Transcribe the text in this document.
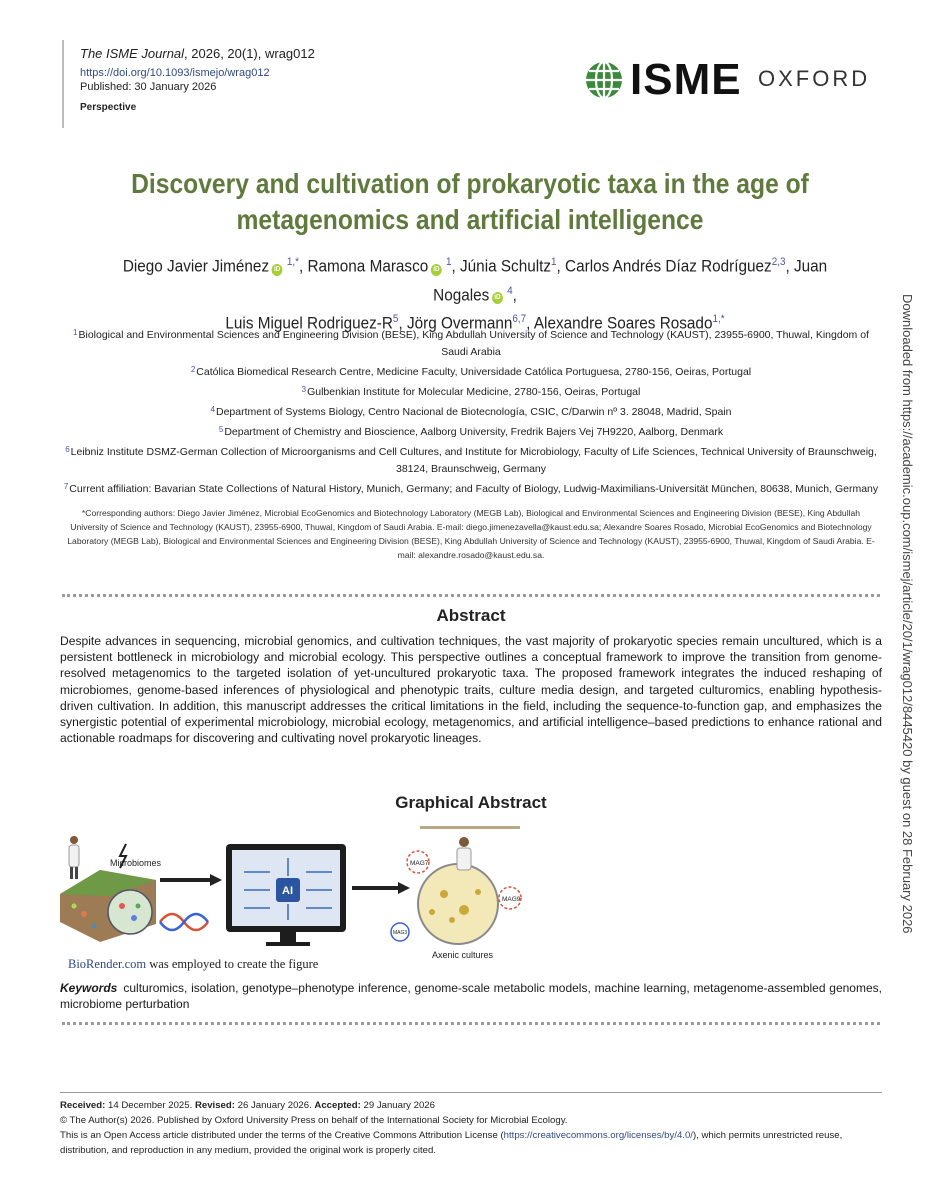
The ISME Journal, 2026, 20(1), wrag012
https://doi.org/10.1093/ismejo/wrag012
Published: 30 January 2026
Perspective
ISME OXFORD
Discovery and cultivation of prokaryotic taxa in the age of metagenomics and artificial intelligence
Diego Javier Jiménez iD $^{1,*}$, Ramona Marasco iD $^1$, Júnia Schultz$^1$, Carlos Andrés Díaz Rodríguez$^{2,3}$, Juan Nogales iD $^4$,
Luis Miguel Rodriguez-$R^5$, Jörg Overmann$^{6,7}$, Alexandre Soares Rosado$^{1,*}$
$^1$Biological and Environmental Sciences and Engineering Division (BESE), King Abdullah University of Science and Technology (KAUST), 23955-6900, Thuwal, Kingdom of Saudi Arabia
$^2$Católica Biomedical Research Centre, Medicine Faculty, Universidade Católica Portuguesa, 2780-156, Oeiras, Portugal
$^3$Gulbenkian Institute for Molecular Medicine, 2780-156, Oeiras, Portugal
$^4$Department of Systems Biology, Centro Nacional de Biotecnología, CSIC, C/Darwin nº 3. 28048, Madrid, Spain
$^5$Department of Chemistry and Bioscience, Aalborg University, Fredrik Bajers Vej 7H9220, Aalborg, Denmark
$^6$Leibniz Institute DSMZ-German Collection of Microorganisms and Cell Cultures, and Institute for Microbiology, Faculty of Life Sciences, Technical University of Braunschweig, 38124, Braunschweig, Germany
$^7$Current affiliation: Bavarian State Collections of Natural History, Munich, Germany; and Faculty of Biology, Ludwig-Maximilians-Universität München, 80638, Munich, Germany
*Corresponding authors: Diego Javier Jiménez, Microbial EcoGenomics and Biotechnology Laboratory (MEGB Lab), Biological and Environmental Sciences and Engineering Division (BESE), King Abdullah University of Science and Technology (KAUST), 23955-6900, Thuwal, Kingdom of Saudi Arabia. E-mail: diego.jimenezavella@kaust.edu.sa; Alexandre Soares Rosado, Microbial EcoGenomics and Biotechnology Laboratory (MEGB Lab), Biological and Environmental Sciences and Engineering Division (BESE), King Abdullah University of Science and Technology (KAUST), 23955-6900, Thuwal, Kingdom of Saudi Arabia. E-mail: alexandre.rosado@kaust.edu.sa.
Abstract
Despite advances in sequencing, microbial genomics, and cultivation techniques, the vast majority of prokaryotic species remain uncultured, which is a persistent bottleneck in microbiology and microbial ecology. This perspective outlines a conceptual framework to improve the transition from genome-resolved metagenomics to the targeted isolation of yet-uncultured prokaryotic taxa. The proposed framework integrates the induced reshaping of microbiomes, genome-based inferences of physiological and phenotypic traits, culture media design, and targeted culturomics, enabling hypothesis-driven cultivation. In addition, this manuscript addresses the critical limitations in the field, including the sequence-to-function gap, and emphasizes the synergistic potential of experimental microbiology, microbial ecology, metagenomics, and artificial intelligence–based predictions to enhance rational and actionable roadmaps for discovering and cultivating novel prokaryotic lineages.
Graphical Abstract
Microbiomes
AI
MAG7
MAG9
MAG3
Axenic cultures
BioRender.com was employed to create the figure
Keywords culturomics, isolation, genotype–phenotype inference, genome-scale metabolic models, machine learning, metagenome-assembled genomes, microbiome perturbation
Received: 14 December 2025. Revised: 26 January 2026. Accepted: 29 January 2026
© The Author(s) 2026. Published by Oxford University Press on behalf of the International Society for Microbial Ecology.
This is an Open Access article distributed under the terms of the Creative Commons Attribution License (https://creativecommons.org/licenses/by/4.0/), which permits unrestricted reuse, distribution, and reproduction in any medium, provided the original work is properly cited.
Downloaded from https://academic.oup.com/ismej/article/20/1/wrag012/8445420 by guest on 28 February 2026
